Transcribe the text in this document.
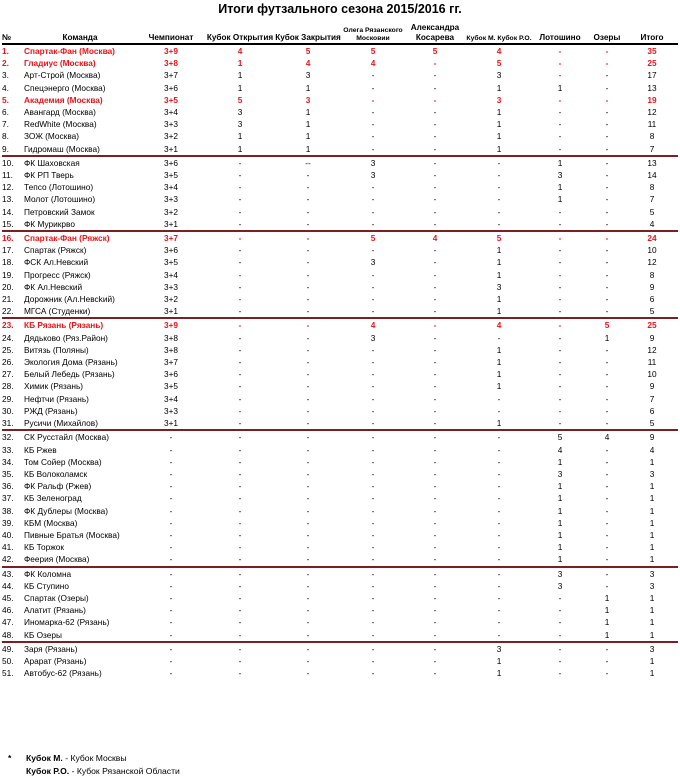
Итоги футзального сезона 2015/2016 гг.
№	Команда	Чемпионат	Кубок Открытия	Кубок Закрытия	Олега Рязанского Московии	Александра Косарева	Кубок М. Кубок Р.О.	Лотошино	Озеры	Итого
1.	Спартак-Фан (Москва)	3+9	4	5	5	5	4	-	-	35
2.	Гладиус (Москва)	3+8	1	4	4	-	5	-	-	25
3.	Арт-Строй (Москва)	3+7	1	3	-	-	3	-	-	17
4.	Спецэнерго (Москва)	3+6	1	1	-	-	1	1	-	13
5.	Академия (Москва)	3+5	5	3	-	-	3	-	-	19
6.	Авангард (Москва)	3+4	3	1	-	-	1	-	-	12
7.	RedWhite (Москва)	3+3	3	1	-	-	1	-	-	11
8.	ЗОЖ (Москва)	3+2	1	1	-	-	1	-	-	8
9.	Гидромаш (Москва)	3+1	1	1	-	-	1	-	-	7
10.	ФК Шаховская	3+6	-	--	3	-	-	1	-	13
11.	ФК РП Тверь	3+5	-	-	3	-	-	3	-	14
12.	Тепсо (Лотошино)	3+4	-	-	-	-	-	1	-	8
13.	Молот (Лотошино)	3+3	-	-	-	-	-	1	-	7
14.	Петровский Замок	3+2	-	-	-	-	-	-	-	5
15.	ФК Мурикрво	3+1	-	-	-	-	-	-	-	4
16.	Спартак-Фан (Ряжск)	3+7	-	-	5	4	5	-	-	24
17.	Спартак (Ряжск)	3+6	-	-	-	-	1	-	-	10
18.	ФСК Ал.Невский	3+5	-	-	3	-	1	-	-	12
19.	Прогресс (Ряжск)	3+4	-	-	-	-	1	-	-	8
20.	ФК Ал.Невский	3+3	-	-	-	-	3	-	-	9
21.	Дорожник (Ал.Невсkий)	3+2	-	-	-	-	1	-	-	6
22.	МГСА (Студенки)	3+1	-	-	-	-	1	-	-	5
23.	КБ Рязань (Рязань)	3+9	-	-	4	-	4	-	5	25
24.	Дядьково (Ряз.Район)	3+8	-	-	3	-	-	-	1	9
25.	Витязь (Поляны)	3+8	-	-	-	-	1	-	-	12
26.	Экология Дома (Рязань)	3+7	-	-	-	-	1	-	-	11
27.	Белый Лебедь (Рязань)	3+6	-	-	-	-	1	-	-	10
28.	Химик (Рязань)	3+5	-	-	-	-	1	-	-	9
29.	Нефтчи (Рязань)	3+4	-	-	-	-	-	-	-	7
30.	РЖД (Рязань)	3+3	-	-	-	-	-	-	-	6
31.	Русичи (Михайлов)	3+1	-	-	-	-	1	-	-	5
32.	СК Русстайл (Москва)	-	-	-	-	-	-	5	4	9
33.	КБ Ржев	-	-	-	-	-	-	4	-	4
34.	Том Сойер (Москва)	-	-	-	-	-	-	1	-	1
35.	КБ Волоколамск	-	-	-	-	-	-	3	-	3
36.	ФК Ральф (Ржев)	-	-	-	-	-	-	1	-	1
37.	КБ Зеленоград	-	-	-	-	-	-	1	-	1
38.	ФК Дублеры (Москва)	-	-	-	-	-	-	1	-	1
39.	КБМ (Москва)	-	-	-	-	-	-	1	-	1
40.	Пивные Братья (Москва)	-	-	-	-	-	-	1	-	1
41.	КБ Торжок	-	-	-	-	-	-	1	-	1
42.	Феерия (Москва)	-	-	-	-	-	-	1	-	1
43.	ФК Коломна	-	-	-	-	-	-	3	-	3
44.	КБ Ступино	-	-	-	-	-	-	3	-	3
45.	Спартак (Озеры)	-	-	-	-	-	-	-	1	1
46.	Алатит (Рязань)	-	-	-	-	-	-	-	1	1
47.	Иномарка-62 (Рязань)	-	-	-	-	-	-	-	1	1
48.	КБ Озеры	-	-	-	-	-	-	-	1	1
49.	Заря (Рязань)	-	-	-	-	-	3	-	-	3
50.	Арарат (Рязань)	-	-	-	-	-	1	-	-	1
51.	Автобус-62 (Рязань)	-	-	-	-	-	1	-	-	1
* Кубок М. - Кубок Москвы
Кубок Р.О. - Кубок Рязанской Области
